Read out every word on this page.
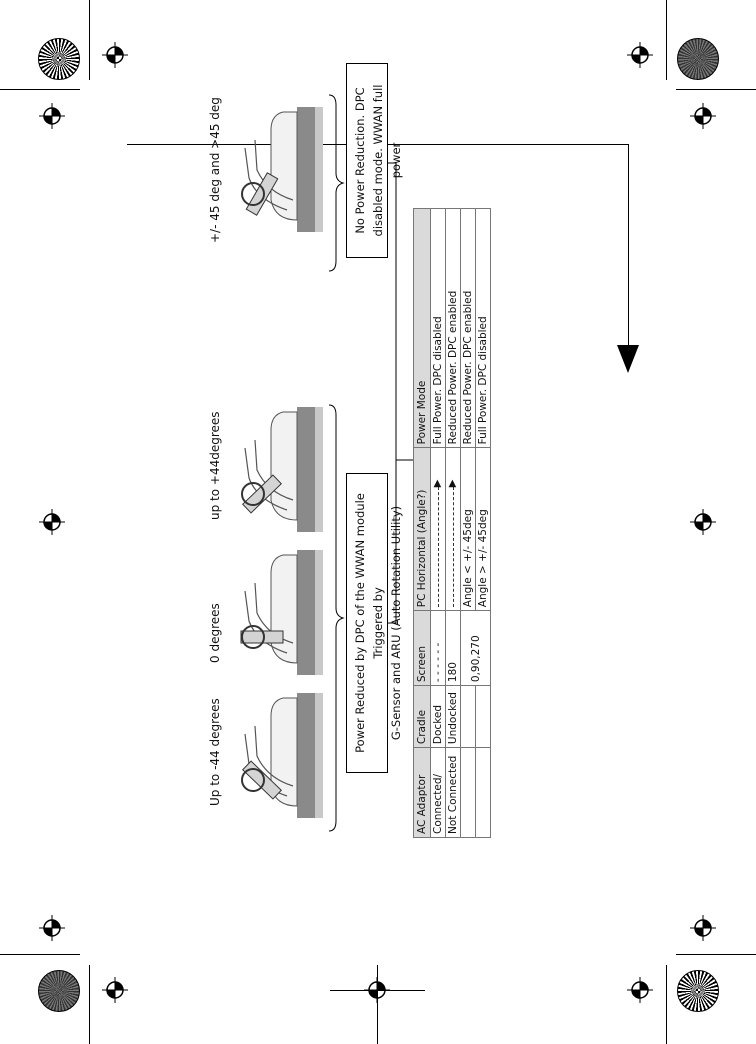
Up to -44 degrees
0 degrees
up to +44degrees
+/- 45 deg and >45 deg
Power Reduced by DPC of the WWAN module Triggered by G-Sensor and ARU (Auto Rotation Utility)
No Power Reduction. DPC disabled mode. WWAN full power
AC Adaptor	Cradle	Screen	PC Horizontal (Angle?)	Power Mode
Connected/	Docked	- - - - - -	▶	Full Power. DPC disabled
Not Connected	Undocked	180	▶	Reduced Power. DPC enabled
		0,90,270	Angle < +/- 45deg	Reduced Power. DPC enabled
			Angle > +/- 45deg	Full Power. DPC disabled
